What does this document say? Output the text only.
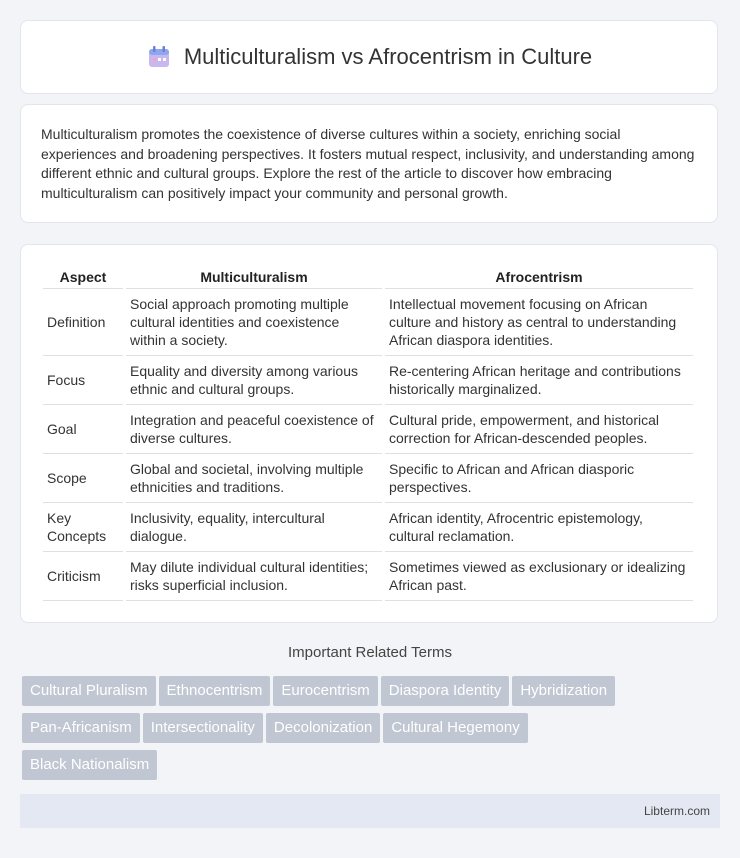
Multiculturalism vs Afrocentrism in Culture
Multiculturalism promotes the coexistence of diverse cultures within a society, enriching social experiences and broadening perspectives. It fosters mutual respect, inclusivity, and understanding among different ethnic and cultural groups. Explore the rest of the article to discover how embracing multiculturalism can positively impact your community and personal growth.
Aspect	Multiculturalism	Afrocentrism
Definition	Social approach promoting multiple cultural identities and coexistence within a society.	Intellectual movement focusing on African culture and history as central to understanding African diaspora identities.
Focus	Equality and diversity among various ethnic and cultural groups.	Re-centering African heritage and contributions historically marginalized.
Goal	Integration and peaceful coexistence of diverse cultures.	Cultural pride, empowerment, and historical correction for African-descended peoples.
Scope	Global and societal, involving multiple ethnicities and traditions.	Specific to African and African diasporic perspectives.
Key Concepts	Inclusivity, equality, intercultural dialogue.	African identity, Afrocentric epistemology, cultural reclamation.
Criticism	May dilute individual cultural identities; risks superficial inclusion.	Sometimes viewed as exclusionary or idealizing African past.
Important Related Terms
Cultural Pluralism Ethnocentrism Eurocentrism Diaspora Identity Hybridization
Pan-Africanism Intersectionality Decolonization Cultural Hegemony
Black Nationalism
Libterm.com
